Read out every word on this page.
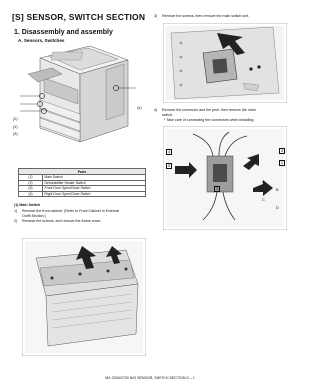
[S] SENSOR, SWITCH SECTION
1. Disassembly and assembly
A. Sensors, Switches
(4)
(2)
(1)
(3)
Parts	
(1)	Main Switch
(2)	Dehumidifier Heater Switch
(3)	Front Door Open/Close Switch
(4)	Right Door Open/Close Switch
(1) Main Switch
1)	Remove the front cabinet. (Refer to Front Cabinet in External
Outfit Section.)
2)	Remove the screws, and remove the frame cover.
3)	Remove the screws, then remove the main switch unit.
4)	Remove the connector and the peel, then remove the main
switch.
* Take care of connecting the connectors when installing.
4
5
3
2
1
A
B
C
D
MX-2300/2700 N/G SENSOR, SWITCH SECTION S – 1
